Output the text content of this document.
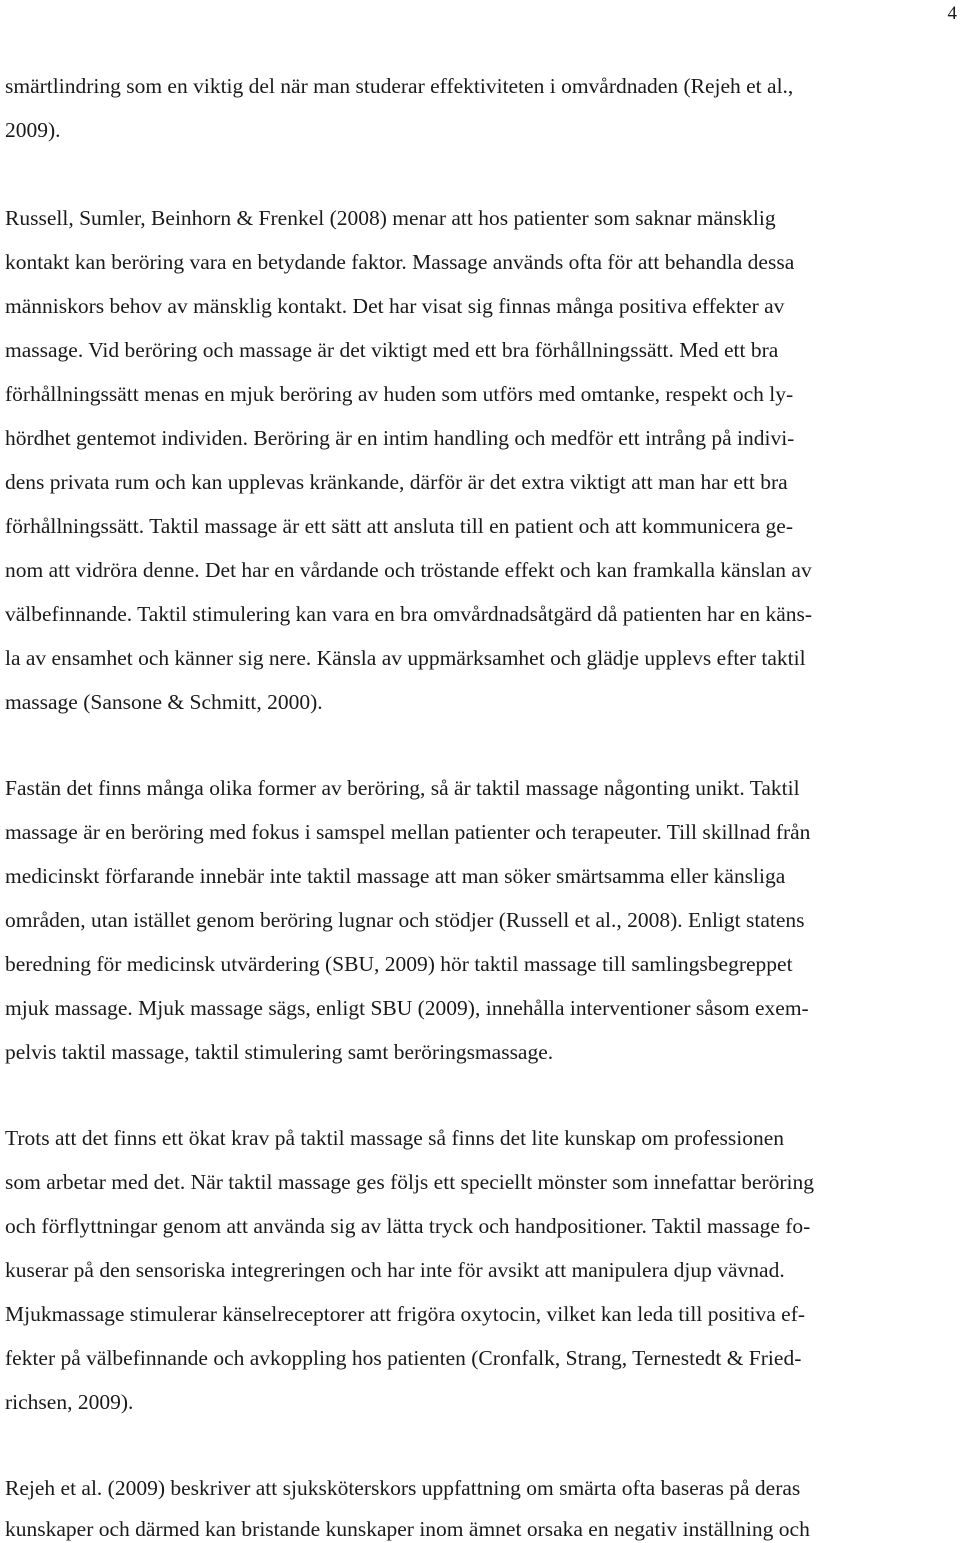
4
smärtlindring som en viktig del när man studerar effektiviteten i omvårdnaden (Rejeh et al.,
2009).
Russell, Sumler, Beinhorn & Frenkel (2008) menar att hos patienter som saknar mänsklig
kontakt kan beröring vara en betydande faktor. Massage används ofta för att behandla dessa
människors behov av mänsklig kontakt. Det har visat sig finnas många positiva effekter av
massage. Vid beröring och massage är det viktigt med ett bra förhållningssätt. Med ett bra
förhållningssätt menas en mjuk beröring av huden som utförs med omtanke, respekt och ly-
hördhet gentemot individen. Beröring är en intim handling och medför ett intrång på indivi-
dens privata rum och kan upplevas kränkande, därför är det extra viktigt att man har ett bra
förhållningssätt. Taktil massage är ett sätt att ansluta till en patient och att kommunicera ge-
nom att vidröra denne. Det har en vårdande och tröstande effekt och kan framkalla känslan av
välbefinnande. Taktil stimulering kan vara en bra omvårdnadsåtgärd då patienten har en käns-
la av ensamhet och känner sig nere. Känsla av uppmärksamhet och glädje upplevs efter taktil
massage (Sansone & Schmitt, 2000).
Fastän det finns många olika former av beröring, så är taktil massage någonting unikt. Taktil
massage är en beröring med fokus i samspel mellan patienter och terapeuter. Till skillnad från
medicinskt förfarande innebär inte taktil massage att man söker smärtsamma eller känsliga
områden, utan istället genom beröring lugnar och stödjer (Russell et al., 2008). Enligt statens
beredning för medicinsk utvärdering (SBU, 2009) hör taktil massage till samlingsbegreppet
mjuk massage. Mjuk massage sägs, enligt SBU (2009), innehålla interventioner såsom exem-
pelvis taktil massage, taktil stimulering samt beröringsmassage.
Trots att det finns ett ökat krav på taktil massage så finns det lite kunskap om professionen
som arbetar med det. När taktil massage ges följs ett speciellt mönster som innefattar beröring
och förflyttningar genom att använda sig av lätta tryck och handpositioner. Taktil massage fo-
kuserar på den sensoriska integreringen och har inte för avsikt att manipulera djup vävnad.
Mjukmassage stimulerar känselreceptorer att frigöra oxytocin, vilket kan leda till positiva ef-
fekter på välbefinnande och avkoppling hos patienten (Cronfalk, Strang, Ternestedt & Fried-
richsen, 2009).
Rejeh et al. (2009) beskriver att sjuksköterskors uppfattning om smärta ofta baseras på deras
kunskaper och därmed kan bristande kunskaper inom ämnet orsaka en negativ inställning och
